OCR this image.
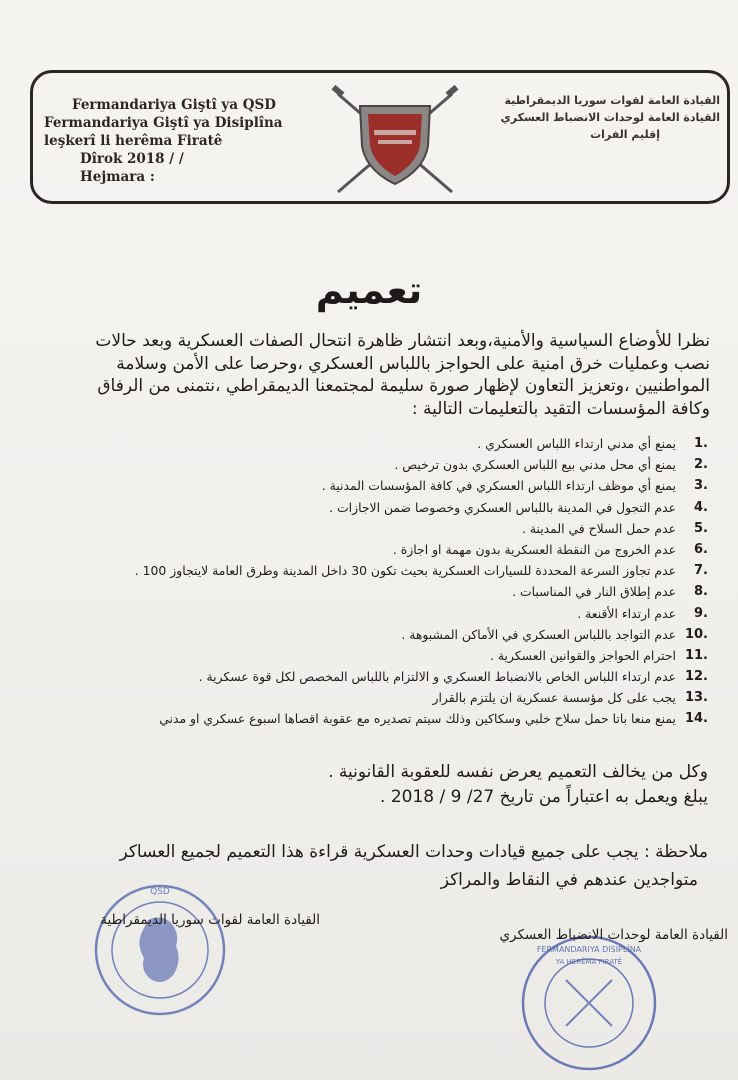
Fermandariya Giştî ya QSD
Fermandariya Giştî ya Disiplîna
leşkerî li herêma Firatê
Dîrok 2018 / /
Hejmara :
القيادة العامة لقوات سوريا الديمقراطية
القيادة العامة لوحدات الانضباط العسكري
إقليم الفرات
تعميم
نظرا للأوضاع السياسية والأمنية،وبعد انتشار ظاهرة انتحال الصفات العسكرية وبعد حالات
نصب وعمليات خرق امنية على الحواجز باللباس العسكري ،وحرصا على الأمن وسلامة
المواطنيين ،وتعزيز التعاون لإظهار صورة سليمة لمجتمعنا الديمقراطي ،نتمنى من الرفاق
وكافة المؤسسات التقيد بالتعليمات التالية :
1.
يمنع أي مدني ارتداء اللباس العسكري .
2.
يمنع أي محل مدني بيع اللباس العسكري بدون ترخيص .
3.
يمنع أي موظف ارتداء اللباس العسكري في كافة المؤسسات المدنية .
4.
عدم التجول في المدينة باللباس العسكري وخصوصا ضمن الاجازات .
5.
عدم حمل السلاح في المدينة .
6.
عدم الخروج من النقطة العسكرية بدون مهمة او اجازة .
7.
عدم تجاوز السرعة المحددة للسيارات العسكرية بحيث تكون 30 داخل المدينة وطرق العامة لايتجاوز 100 .
8.
عدم إطلاق النار في المناسبات .
9.
عدم ارتداء الأقنعة .
10.
عدم التواجد باللباس العسكري في الأماكن المشبوهة .
11.
احترام الحواجز والقوانين العسكرية .
12.
عدم ارتداء اللباس الخاص بالانضباط العسكري و الالتزام باللباس المخصص لكل قوة عسكرية .
13.
يجب على كل مؤسسة عسكرية ان يلتزم بالقرار
14.
يمنع منعا باتا حمل سلاح خلبي وسكاكين وذلك سيتم تصديره مع عقوبة اقصاها اسبوع عسكري او مدني
وكل من يخالف التعميم يعرض نفسه للعقوبة القانونية .
يبلغ ويعمل به اعتباراً من تاريخ 27/ 9 / 2018 .
ملاحظة : يجب على جميع قيادات وحدات العسكرية قراءة هذا التعميم لجميع العساكر
متواجدين عندهم في النقاط والمراكز
QSD
FERMANDARIYA DISIPLÎNA
YA HERÊMA FIRATÊ
القيادة العامة لوحدات الانضباط العسكري
القيادة العامة لقوات سوريا الديمقراطية
